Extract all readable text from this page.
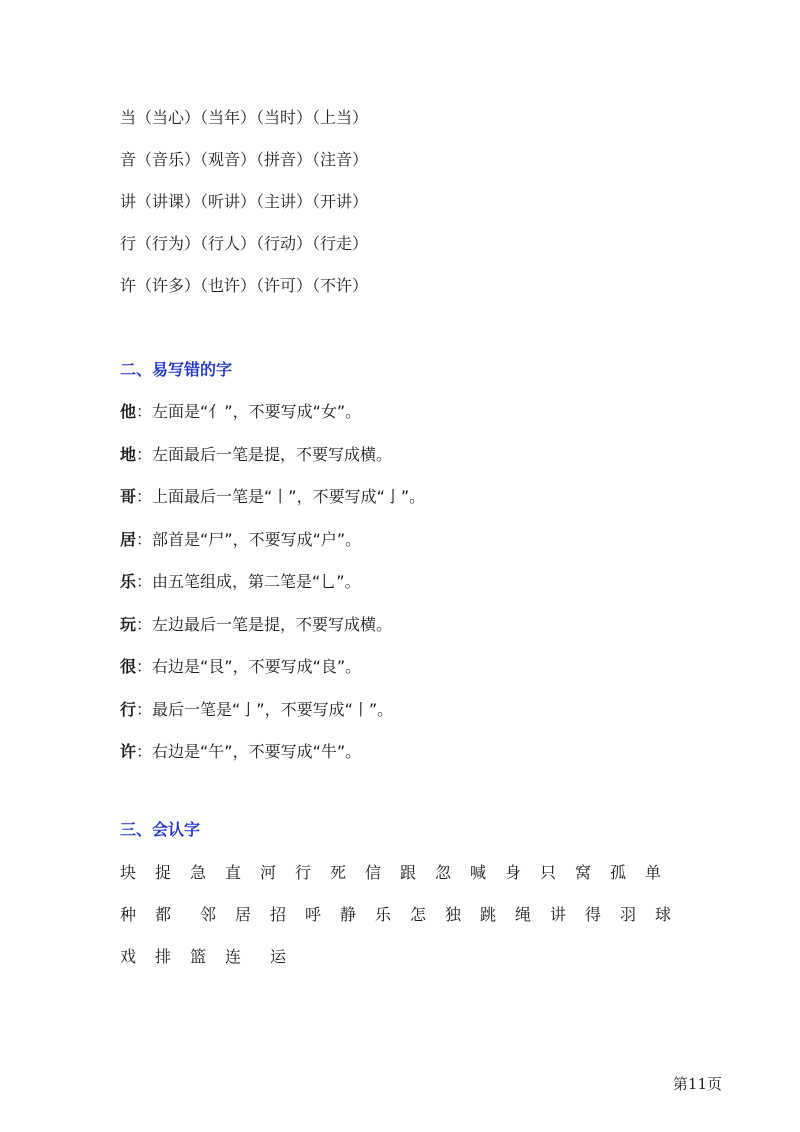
当（当心）（当年）（当时）（上当）
音（音乐）（观音）（拼音）（注音）
讲（讲课）（听讲）（主讲）（开讲）
行（行为）（行人）（行动）（行走）
许（许多）（也许）（许可）（不许）
二、易写错的字
他：左面是“亻”，不要写成“女”。
地：左面最后一笔是提，不要写成横。
哥：上面最后一笔是“丨”，不要写成“亅”。
居：部首是“尸”，不要写成“户”。
乐：由五笔组成，第二笔是“乚”。
玩：左边最后一笔是提，不要写成横。
很：右边是“艮”，不要写成“良”。
行：最后一笔是“亅”，不要写成“丨”。
许：右边是“午”，不要写成“牛”。
三、会认字
块 捉 急 直 河 行 死 信 跟 忽 喊 身 只 窝 孤 单
种 都 邻 居 招 呼 静 乐 怎 独 跳 绳 讲 得 羽 球
戏 排 篮 连 运
第11页
